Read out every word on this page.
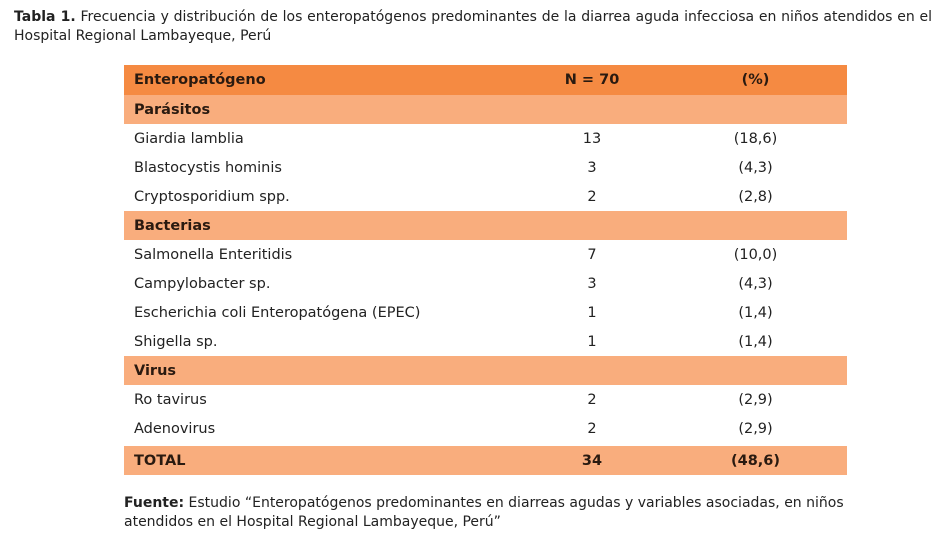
Tabla 1. Frecuencia y distribución de los enteropatógenos predominantes de la diarrea aguda infecciosa en niños atendidos en el Hospital Regional Lambayeque, Perú
Enteropatógeno	N = 70	(%)
Parásitos
Giardia lamblia	13	(18,6)
Blastocystis hominis	3	(4,3)
Cryptosporidium spp.	2	(2,8)
Bacterias
Salmonella Enteritidis	7	(10,0)
Campylobacter sp.	3	(4,3)
Escherichia coli Enteropatógena (EPEC)	1	(1,4)
Shigella sp.	1	(1,4)
Virus
Ro tavirus	2	(2,9)
Adenovirus	2	(2,9)
TOTAL	34	(48,6)
Fuente: Estudio “Enteropatógenos predominantes en diarreas agudas y variables asociadas, en niños atendidos en el Hospital Regional Lambayeque, Perú”
